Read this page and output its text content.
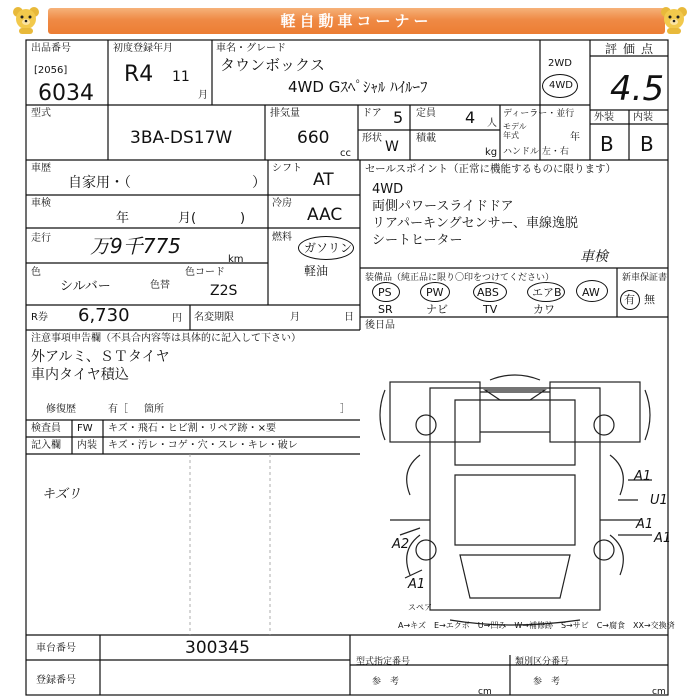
軽自動車コーナー
出品番号
[2056]
6034
初度登録年月
R4 11
月
車名・グレード
タウンボックス
4WD Gｽﾍﾟｼｬﾙ ﾊｲﾙｰﾌ
2WD
4WD
評価点
4.5
型式
3BA-DS17W
排気量
660
cc
ドア 5 定員 4 人
形状
W
積載
kg
ディーラー・並行
モデル
年式	年
ハンドル 左・右
外装 内装
B B
車歴
自家用・（	）
シフト
AT
車検
年	月(	)
冷房
AAC
走行 万9千775
km
燃料
ガソリン
軽油
色
シルバー	色替
色コード
Z2S
R券 6,730	円 名変期限	月	日
セールスポイント（正常に機能するものに限ります）
4WD
両側パワースライドドア
リアパーキングセンサー、車線逸脱
シートヒーター
車検
装備品（純正品に限り〇印をつけてください）
PS	PW	ABS	エアB AW
SR	ナビ	TV	カワ
新車保証書
有 無
後日品
注意事項申告欄（不具合内容等は具体的に記入して下さい）
外アルミ、ＳＴタイヤ
車内タイヤ積込
修復歴	有［ 箇所	］
検査員
記入欄
FW キズ・飛石・ヒビ割・リペア跡・×要
内装 キズ・汚レ・コゲ・穴・スレ・キレ・破レ
キズリ
A1
U1
A1
A1
A2
A1
スペア
A→キズ　E→エクボ　U→凹み　W→補修跡　S→サビ　C→腐食　XX→交換済
車台番号	300345
登録番号
型式指定番号	類別区分番号
参　考	参　考
cm	cm
